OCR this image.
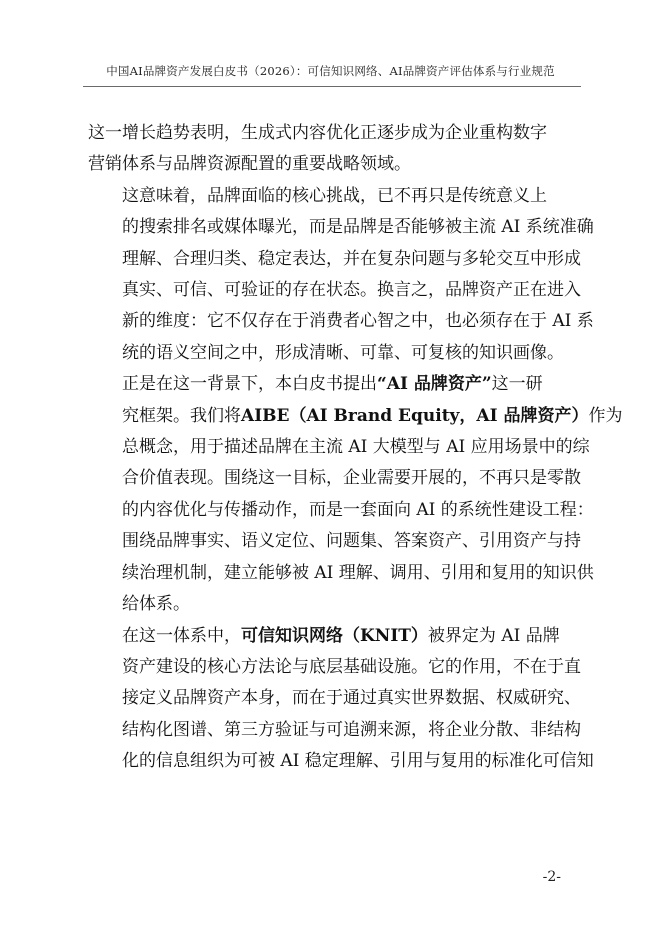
中国AI品牌资产发展白皮书（2026）：可信知识网络、AI品牌资产评估体系与行业规范

这一增长趋势表明，生成式内容优化正逐步成为企业重构数字
营销体系与品牌资源配置的重要战略领域。

这意味着，品牌面临的核心挑战，已不再只是传统意义上
的搜索排名或媒体曝光，而是品牌是否能够被主流 AI 系统准确
理解、合理归类、稳定表达，并在复杂问题与多轮交互中形成
真实、可信、可验证的存在状态。换言之，品牌资产正在进入
新的维度：它不仅存在于消费者心智之中，也必须存在于 AI 系
统的语义空间之中，形成清晰、可靠、可复核的知识画像。

正是在这一背景下，本白皮书提出“AI 品牌资产”这一研
究框架。我们将AIBE（AI Brand Equity，AI 品牌资产）作为
总概念，用于描述品牌在主流 AI 大模型与 AI 应用场景中的综
合价值表现。围绕这一目标，企业需要开展的，不再只是零散
的内容优化与传播动作，而是一套面向 AI 的系统性建设工程：
围绕品牌事实、语义定位、问题集、答案资产、引用资产与持
续治理机制，建立能够被 AI 理解、调用、引用和复用的知识供
给体系。

在这一体系中，可信知识网络（KNIT）被界定为 AI 品牌
资产建设的核心方法论与底层基础设施。它的作用，不在于直
接定义品牌资产本身，而在于通过真实世界数据、权威研究、
结构化图谱、第三方验证与可追溯来源，将企业分散、非结构
化的信息组织为可被 AI 稳定理解、引用与复用的标准化可信知

-2-
